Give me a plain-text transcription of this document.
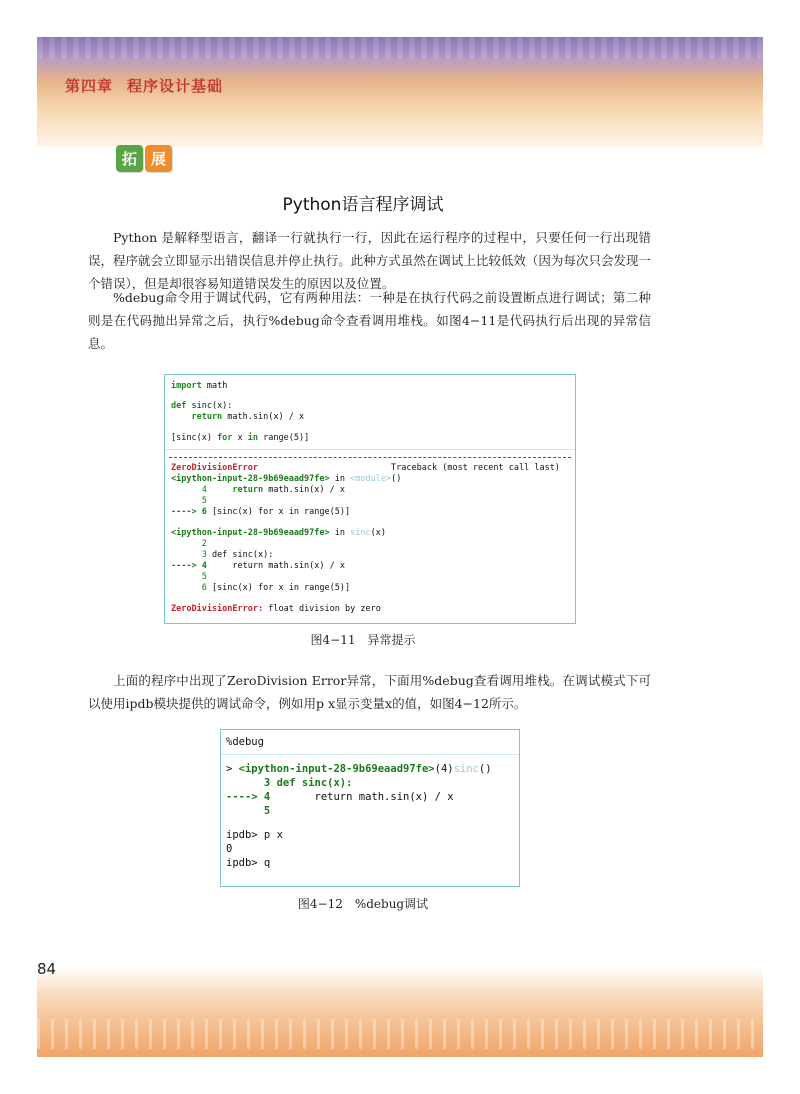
第四章 程序设计基础
拓 展
Python语言程序调试

Python 是解释型语言，翻译一行就执行一行，因此在运行程序的过程中，只要任何一行出现错误，程序就会立即显示出错误信息并停止执行。此种方式虽然在调试上比较低效（因为每次只会发现一个错误），但是却很容易知道错误发生的原因以及位置。

%debug命令用于调试代码，它有两种用法：一种是在执行代码之前设置断点进行调试；第二种则是在代码抛出异常之后，执行%debug命令查看调用堆栈。如图4−11是代码执行后出现的异常信息。

import math
def sinc(x):
return math.sin(x) / x
[sinc(x) for x in range(5)]
ZeroDivisionError                          Traceback (most recent call last)
<ipython-input-28-9b69eaad97fe> in <module>()
4     return math.sin(x) / x
5
----> 6 [sinc(x) for x in range(5)]
<ipython-input-28-9b69eaad97fe> in sinc(x)
2
3 def sinc(x):
----> 4     return math.sin(x) / x
5
6 [sinc(x) for x in range(5)]
ZeroDivisionError: float division by zero
图4−11　异常提示

上面的程序中出现了ZeroDivision Error异常，下面用%debug查看调用堆栈。在调试模式下可以使用ipdb模块提供的调试命令，例如用p x显示变量x的值，如图4−12所示。

%debug
> <ipython-input-28-9b69eaad97fe>(4)sinc()
3 def sinc(x):
----> 4       return math.sin(x) / x
5
ipdb> p x
0
ipdb> q
图4−12　%debug调试
84
